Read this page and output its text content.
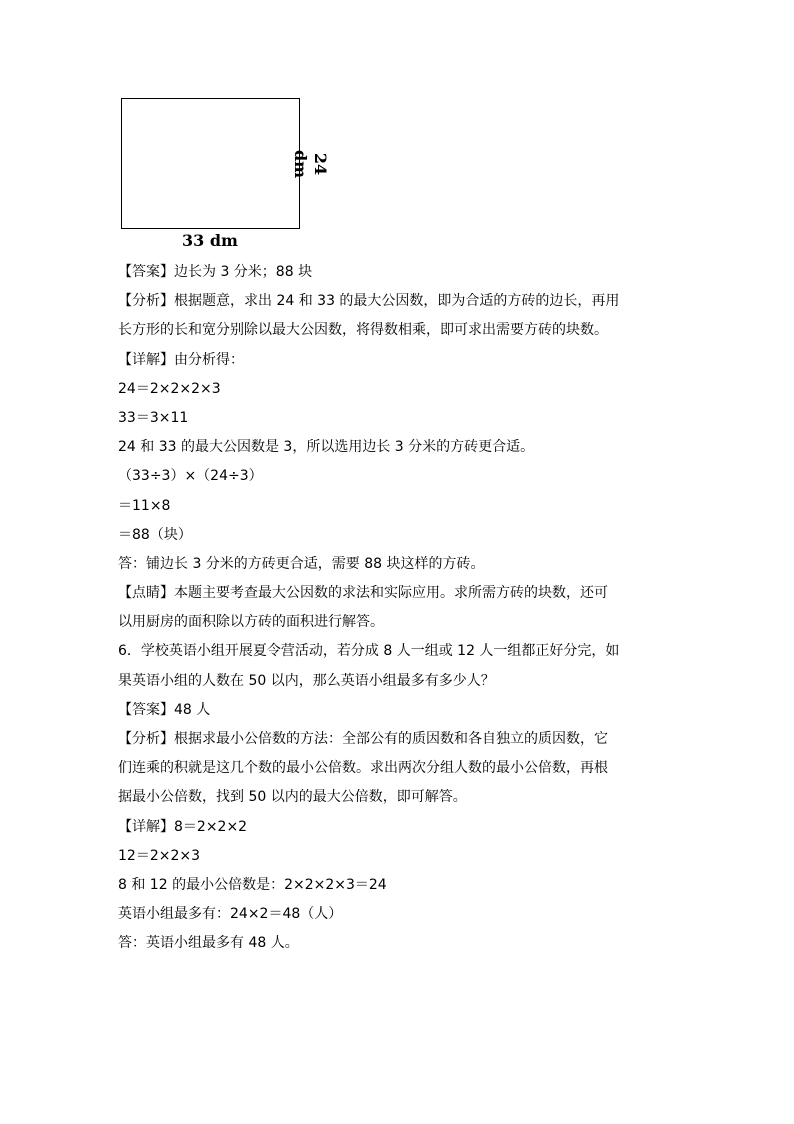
33 dm
24 dm
【答案】边长为 3 分米；88 块
【分析】根据题意，求出 24 和 33 的最大公因数，即为合适的方砖的边长，再用
长方形的长和宽分别除以最大公因数，将得数相乘，即可求出需要方砖的块数。
【详解】由分析得：
24＝2×2×2×3
33＝3×11
24 和 33 的最大公因数是 3，所以选用边长 3 分米的方砖更合适。
（33÷3）×（24÷3）
＝11×8
＝88（块）
答：铺边长 3 分米的方砖更合适，需要 88 块这样的方砖。
【点睛】本题主要考查最大公因数的求法和实际应用。求所需方砖的块数，还可
以用厨房的面积除以方砖的面积进行解答。
6．学校英语小组开展夏令营活动，若分成 8 人一组或 12 人一组都正好分完，如
果英语小组的人数在 50 以内，那么英语小组最多有多少人？
【答案】48 人
【分析】根据求最小公倍数的方法：全部公有的质因数和各自独立的质因数，它
们连乘的积就是这几个数的最小公倍数。求出两次分组人数的最小公倍数，再根
据最小公倍数，找到 50 以内的最大公倍数，即可解答。
【详解】8＝2×2×2
12＝2×2×3
8 和 12 的最小公倍数是：2×2×2×3＝24
英语小组最多有：24×2＝48（人）
答：英语小组最多有 48 人。
